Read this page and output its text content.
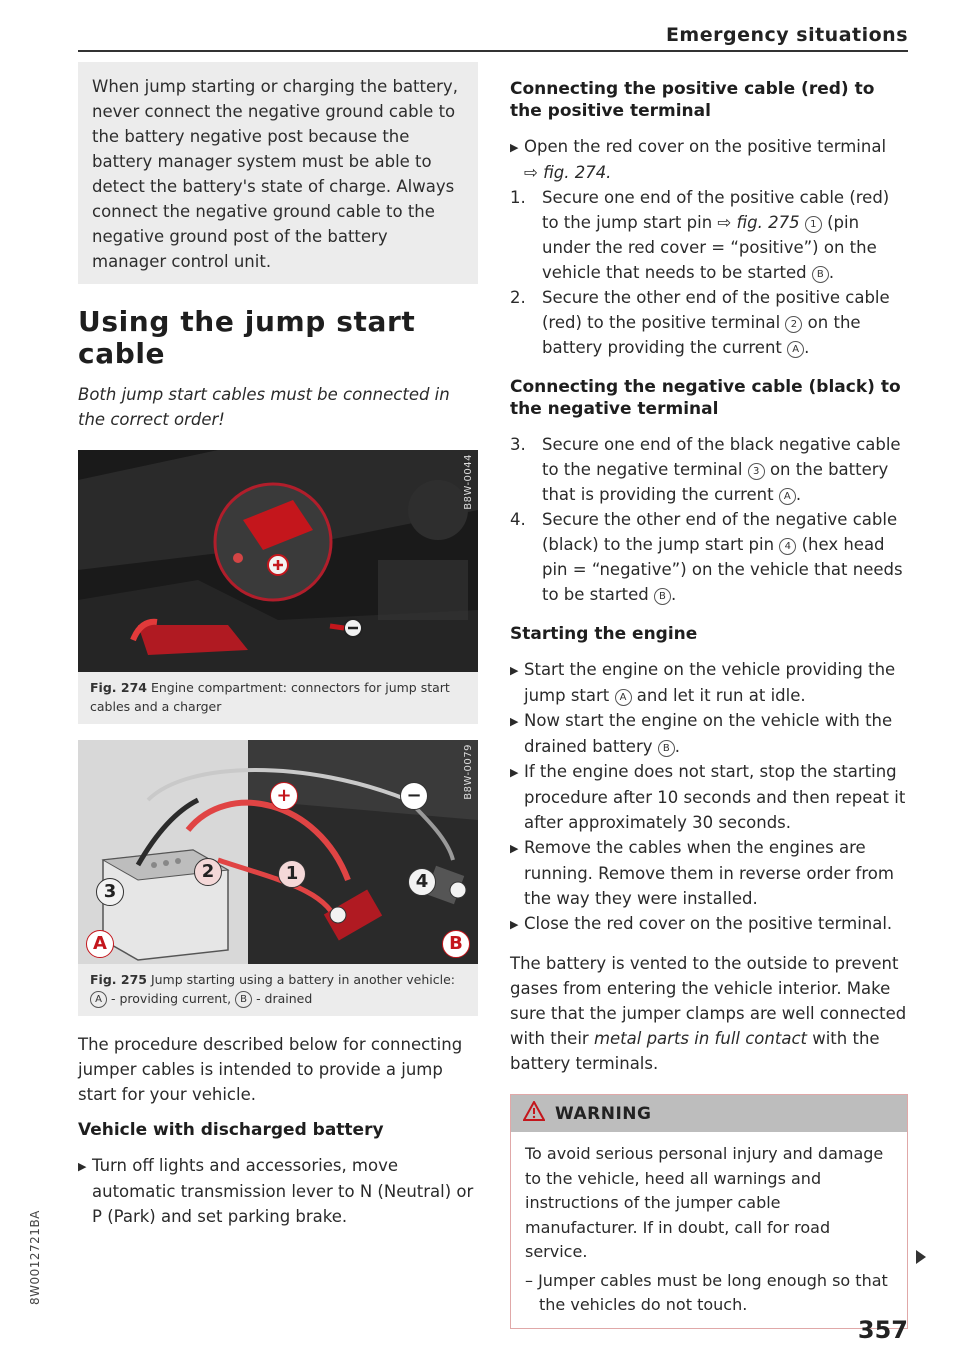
Emergency situations
When jump starting or charging the battery, never connect the negative ground cable to the battery negative post because the battery manager system must be able to detect the battery's state of charge. Always connect the negative ground cable to the negative ground post of the battery manager control unit.
Using the jump start cable

Both jump start cables must be connected in the correct order!

B8W-0044
Fig. 274 Engine compartment: connectors for jump start cables and a charger
B8W-0079
+	−
1
2
3	4
A	B
Fig. 275 Jump starting using a battery in another vehicle:
A - providing current, B - drained

The procedure described below for connecting jumper cables is intended to provide a jump start for your vehicle.

Vehicle with discharged battery

▶ Turn off lights and accessories, move automatic transmission lever to N (Neutral) or P (Park) and set parking brake.

Connecting the positive cable (red) to the positive terminal

▶ Open the red cover on the positive terminal
⇨ fig. 274.

1. Secure one end of the positive cable (red) to the jump start pin ⇨ fig. 275 1 (pin under the red cover = “positive”) on the vehicle that needs to be started B .

2. Secure the other end of the positive cable (red) to the positive terminal 2 on the battery providing the current A .

Connecting the negative cable (black) to the negative terminal

3. Secure one end of the black negative cable to the negative terminal 3 on the battery that is providing the current A .

4. Secure the other end of the negative cable (black) to the jump start pin 4 (hex head pin = “negative”) on the vehicle that needs to be started B .

Starting the engine

▶ Start the engine on the vehicle providing the jump start A and let it run at idle.

▶ Now start the engine on the vehicle with the drained battery B .

▶ If the engine does not start, stop the starting procedure after 10 seconds and then repeat it after approximately 30 seconds.

▶ Remove the cables when the engines are running. Remove them in reverse order from the way they were installed.

▶ Close the red cover on the positive terminal.

The battery is vented to the outside to prevent gases from entering the vehicle interior. Make sure that the jumper clamps are well connected with their metal parts in full contact with the battery terminals.

WARNING
To avoid serious personal injury and damage to the vehicle, heed all warnings and instructions of the jumper cable manufacturer. If in doubt, call for road service.
– Jumper cables must be long enough so that the vehicles do not touch.
357
8W0012721BA
